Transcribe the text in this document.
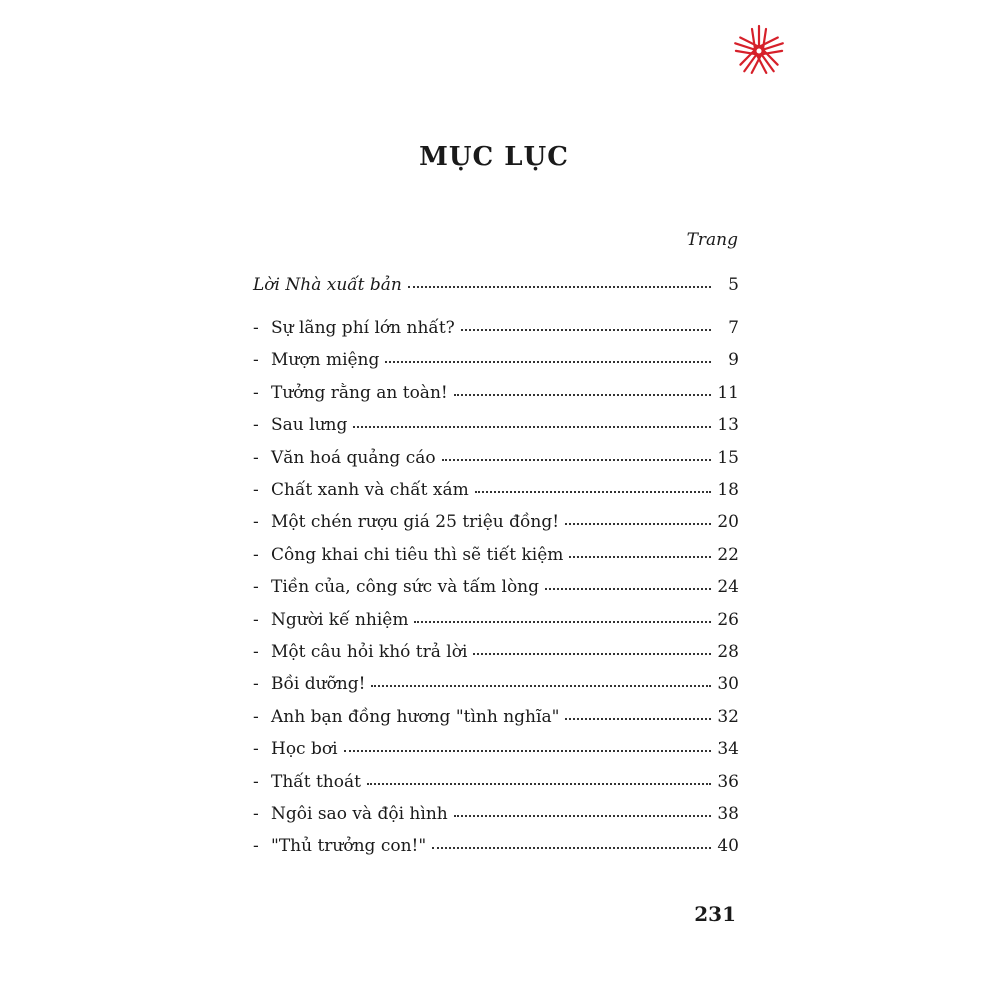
MỤC LỤC
Trang
Lời Nhà xuất bản	5
- Sự lãng phí lớn nhất?	7
- Mượn miệng	9
- Tưởng rằng an toàn!	11
- Sau lưng	13
- Văn hoá quảng cáo	15
- Chất xanh và chất xám	18
- Một chén rượu giá 25 triệu đồng!	20
- Công khai chi tiêu thì sẽ tiết kiệm	22
- Tiền của, công sức và tấm lòng	24
- Người kế nhiệm	26
- Một câu hỏi khó trả lời	28
- Bồi dưỡng!	30
- Anh bạn đồng hương "tình nghĩa"	32
- Học bơi	34
- Thất thoát	36
- Ngôi sao và đội hình	38
- "Thủ trưởng con!"	40
231
